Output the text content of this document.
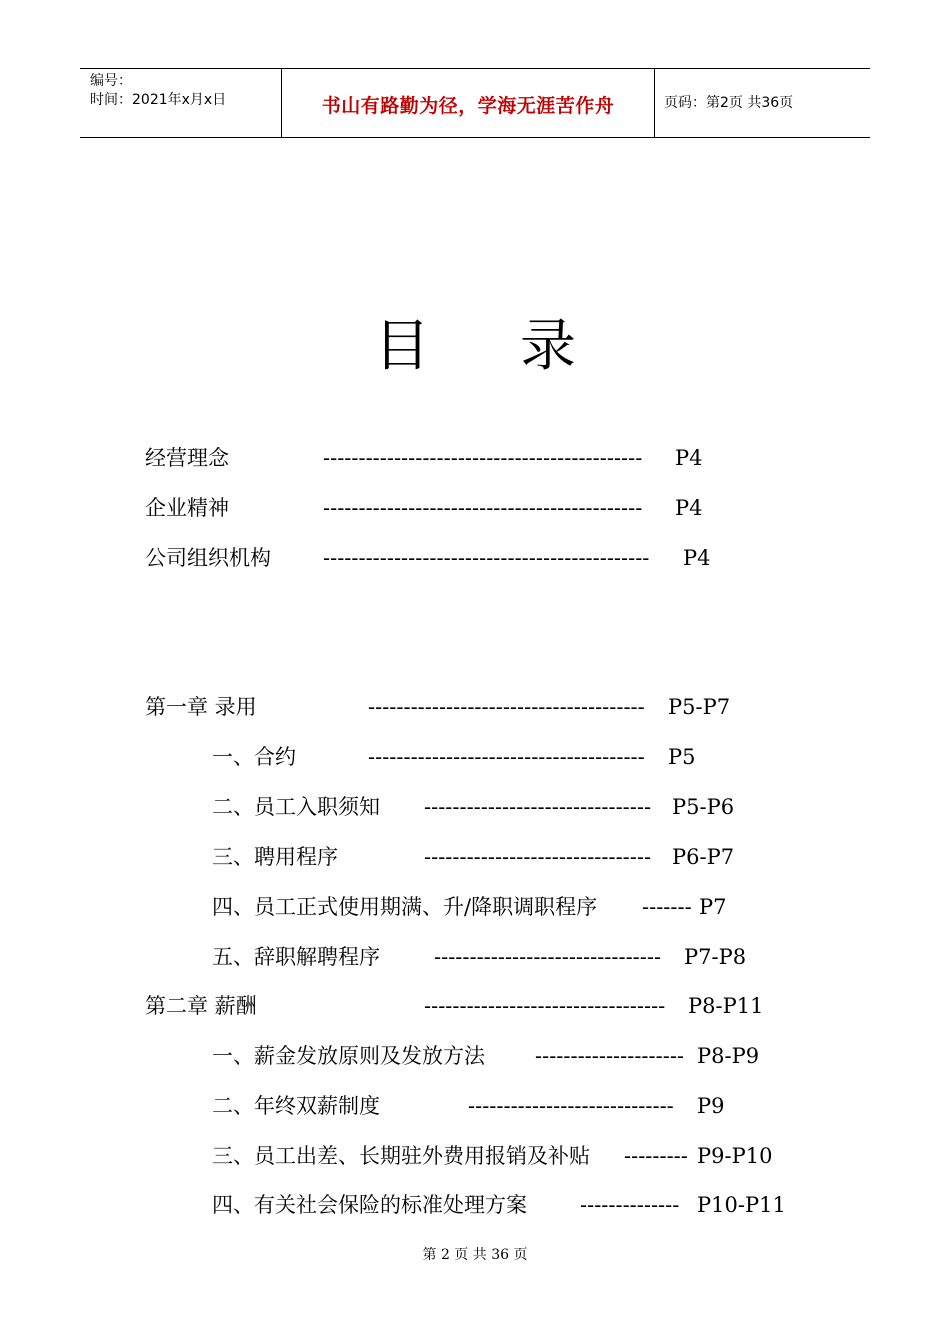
编号：
时间：2021年x月x日	书山有路勤为径，学海无涯苦作舟	页码：第2页 共36页
目 录
经营理念	--------------------------------------------- P4
企业精神	--------------------------------------------- P4
公司组织机构 ---------------------------------------------- P4
第一章 录用	--------------------------------------- P5-P7
一、合约	--------------------------------------- P5
二、员工入职须知 -------------------------------- P5-P6
三、聘用程序	-------------------------------- P6-P7
四、员工正式使用期满、升/降职调职程序 ------- P7
五、辞职解聘程序	-------------------------------- P7-P8
第二章 薪酬	---------------------------------- P8-P11
一、薪金发放原则及发放方法 --------------------- P8-P9
二、年终双薪制度	----------------------------- P9
三、员工出差、长期驻外费用报销及补贴 --------- P9-P10
四、有关社会保险的标准处理方案	-------------- P10-P11
第 2 页 共 36 页
